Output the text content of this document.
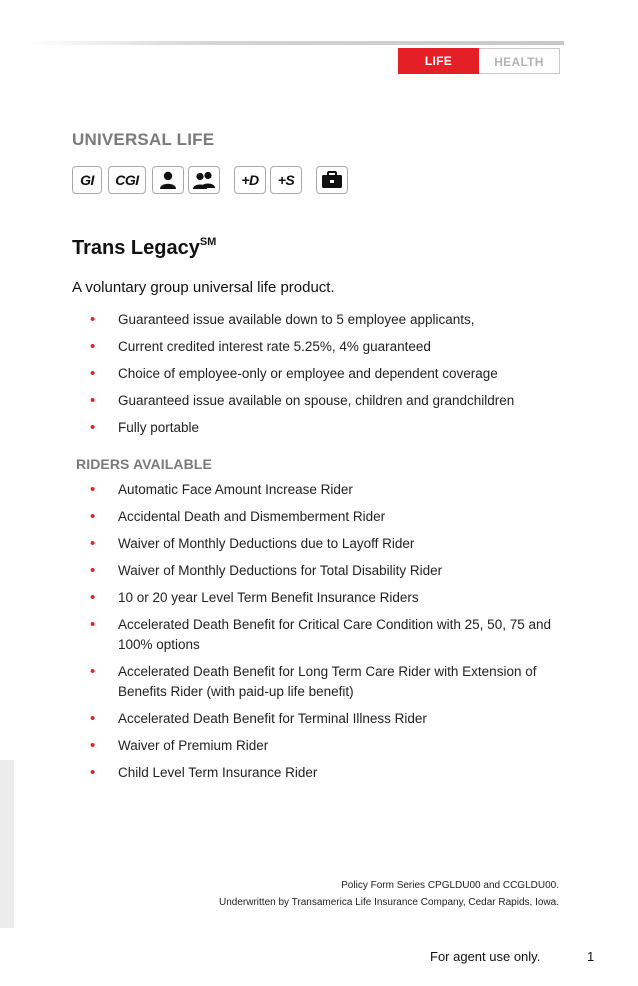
LIFE	HEALTH
UNIVERSAL LIFE
GI CGI	+D +S
Trans Legacy℠
A voluntary group universal life product.
• Guaranteed issue available down to 5 employee applicants,
• Current credited interest rate 5.25%, 4% guaranteed
• Choice of employee-only or employee and dependent coverage
• Guaranteed issue available on spouse, children and grandchildren
• Fully portable
RIDERS AVAILABLE
• Automatic Face Amount Increase Rider
• Accidental Death and Dismemberment Rider
• Waiver of Monthly Deductions due to Layoff Rider
• Waiver of Monthly Deductions for Total Disability Rider
• 10 or 20 year Level Term Benefit Insurance Riders
• Accelerated Death Benefit for Critical Care Condition with 25, 50, 75 and 100% options
• Accelerated Death Benefit for Long Term Care Rider with Extension of Benefits Rider (with paid-up life benefit)
• Accelerated Death Benefit for Terminal Illness Rider
• Waiver of Premium Rider
• Child Level Term Insurance Rider
Policy Form Series CPGLDU00 and CCGLDU00.
Underwritten by Transamerica Life Insurance Company, Cedar Rapids, Iowa.
For agent use only.	1
